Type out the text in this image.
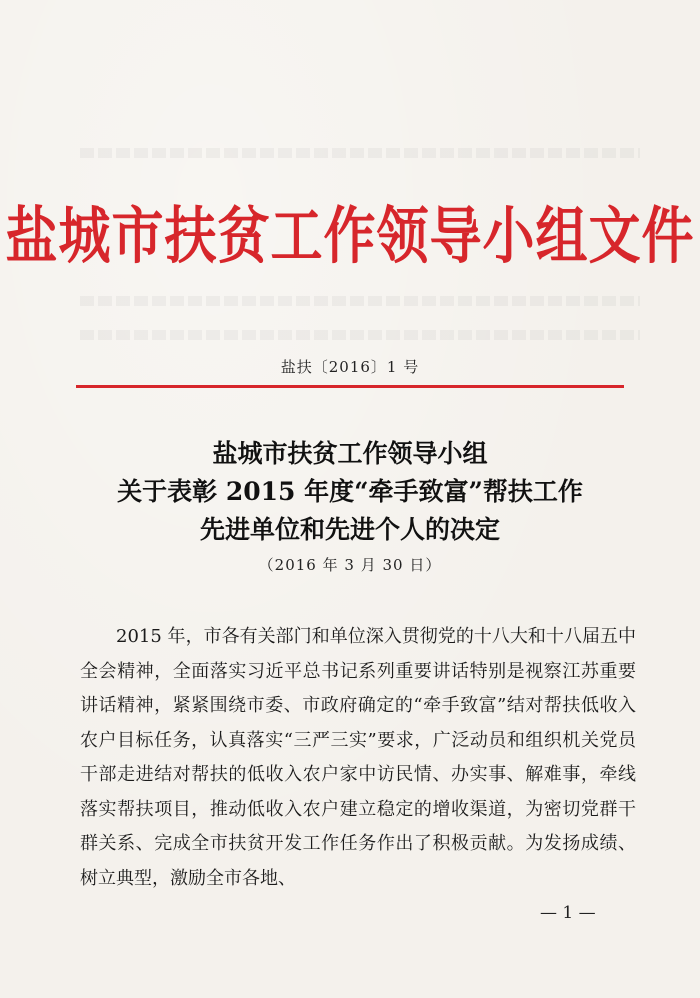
盐城市扶贫工作领导小组文件
盐扶〔2016〕1 号
盐城市扶贫工作领导小组
关于表彰 2015 年度“牵手致富”帮扶工作
先进单位和先进个人的决定
（2016 年 3 月 30 日）

2015 年，市各有关部门和单位深入贯彻党的十八大和十八届五中全会精神，全面落实习近平总书记系列重要讲话特别是视察江苏重要讲话精神，紧紧围绕市委、市政府确定的“牵手致富”结对帮扶低收入农户目标任务，认真落实“三严三实”要求，广泛动员和组织机关党员干部走进结对帮扶的低收入农户家中访民情、办实事、解难事，牵线落实帮扶项目，推动低收入农户建立稳定的增收渠道，为密切党群干群关系、完成全市扶贫开发工作任务作出了积极贡献。为发扬成绩、树立典型，激励全市各地、

— 1 —
